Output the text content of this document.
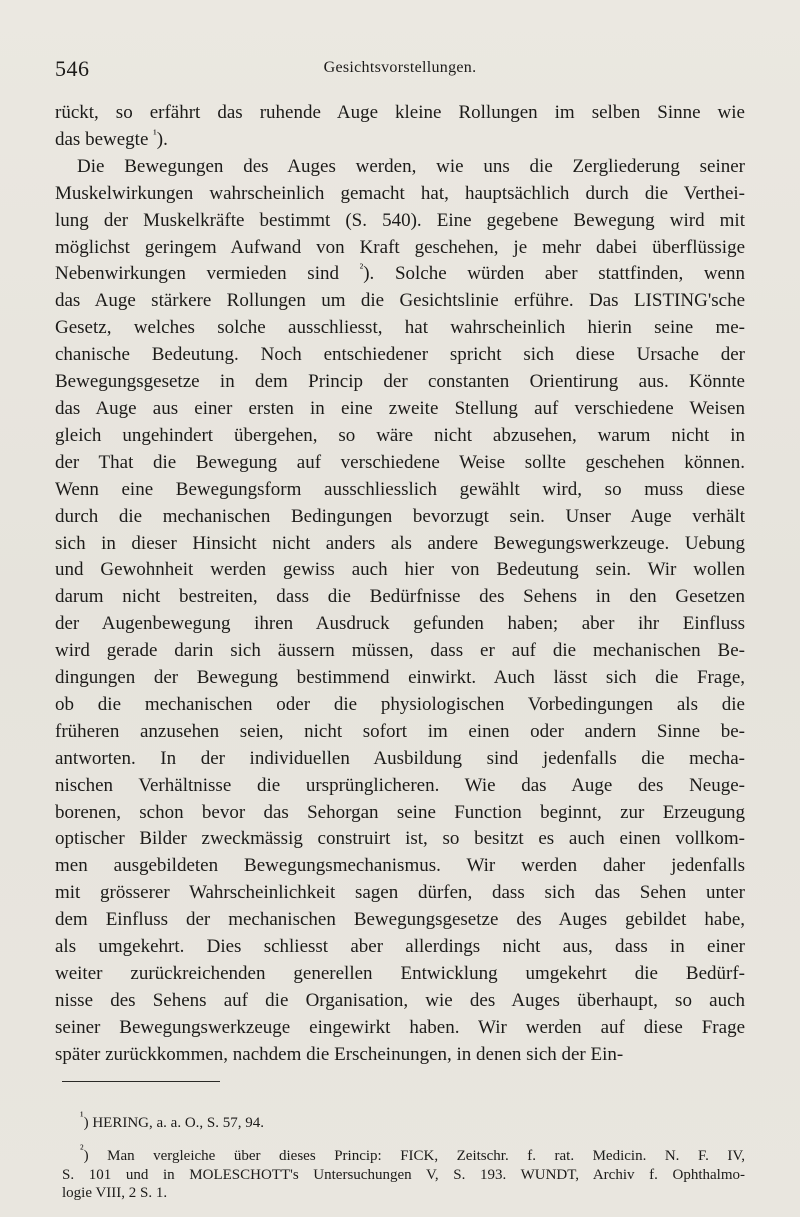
546	Gesichtsvorstellungen.

rückt, so erfährt das ruhende Auge kleine Rollungen im selben Sinne wie
das bewegte $^{^1}$).

Die Bewegungen des Auges werden, wie uns die Zergliederung seiner
Muskelwirkungen wahrscheinlich gemacht hat, hauptsächlich durch die Verthei-
lung der Muskelkräfte bestimmt (S. 540). Eine gegebene Bewegung wird mit
möglichst geringem Aufwand von Kraft geschehen, je mehr dabei überflüssige
Nebenwirkungen vermieden sind $^{^2}$). Solche würden aber stattfinden, wenn
das Auge stärkere Rollungen um die Gesichtslinie erführe. Das LISTING'sche
Gesetz, welches solche ausschliesst, hat wahrscheinlich hierin seine me-
chanische Bedeutung. Noch entschiedener spricht sich diese Ursache der
Bewegungsgesetze in dem Princip der constanten Orientirung aus. Könnte
das Auge aus einer ersten in eine zweite Stellung auf verschiedene Weisen
gleich ungehindert übergehen, so wäre nicht abzusehen, warum nicht in
der That die Bewegung auf verschiedene Weise sollte geschehen können.
Wenn eine Bewegungsform ausschliesslich gewählt wird, so muss diese
durch die mechanischen Bedingungen bevorzugt sein. Unser Auge verhält
sich in dieser Hinsicht nicht anders als andere Bewegungswerkzeuge. Uebung
und Gewohnheit werden gewiss auch hier von Bedeutung sein. Wir wollen
darum nicht bestreiten, dass die Bedürfnisse des Sehens in den Gesetzen
der Augenbewegung ihren Ausdruck gefunden haben; aber ihr Einfluss
wird gerade darin sich äussern müssen, dass er auf die mechanischen Be-
dingungen der Bewegung bestimmend einwirkt. Auch lässt sich die Frage,
ob die mechanischen oder die physiologischen Vorbedingungen als die
früheren anzusehen seien, nicht sofort im einen oder andern Sinne be-
antworten. In der individuellen Ausbildung sind jedenfalls die mecha-
nischen Verhältnisse die ursprünglicheren. Wie das Auge des Neuge-
borenen, schon bevor das Sehorgan seine Function beginnt, zur Erzeugung
optischer Bilder zweckmässig construirt ist, so besitzt es auch einen vollkom-
men ausgebildeten Bewegungsmechanismus. Wir werden daher jedenfalls
mit grösserer Wahrscheinlichkeit sagen dürfen, dass sich das Sehen unter
dem Einfluss der mechanischen Bewegungsgesetze des Auges gebildet habe,
als umgekehrt. Dies schliesst aber allerdings nicht aus, dass in einer
weiter zurückreichenden generellen Entwicklung umgekehrt die Bedürf-
nisse des Sehens auf die Organisation, wie des Auges überhaupt, so auch
seiner Bewegungswerkzeuge eingewirkt haben. Wir werden auf diese Frage
später zurückkommen, nachdem die Erscheinungen, in denen sich der Ein-

$^{^1}$) HERING, a. a. O., S. 57, 94.

$^{^2}$) Man vergleiche über dieses Princip: FICK, Zeitschr. f. rat. Medicin. N. F. IV,
S. 101 und in MOLESCHOTT's Untersuchungen V, S. 193. WUNDT, Archiv f. Ophthalmo-
logie VIII, 2 S. 1.
